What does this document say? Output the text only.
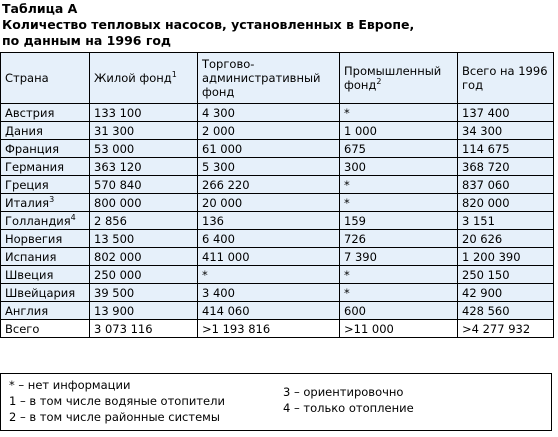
Таблица А
Количество тепловых насосов, установленных в Европе,
по данным на 1996 год
Страна	Жилой фонд$^1$	Торгово-административный фонд	Промышленный фонд$^2$	Всего на 1996 год
Австрия	133 100	4 300	*	137 400
Дания	31 300	2 000	1 000	34 300
Франция	53 000	61 000	675	114 675
Германия	363 120	5 300	300	368 720
Греция	570 840	266 220	*	837 060
Италия$^3$	800 000	20 000	*	820 000
Голландия$^4$	2 856	136	159	3 151
Норвегия	13 500	6 400	726	20 626
Испания	802 000	411 000	7 390	1 200 390
Швеция	250 000	*	*	250 150
Швейцария	39 500	3 400	*	42 900
Англия	13 900	414 060	600	428 560
Всего	3 073 116	>1 193 816	>11 000	>4 277 932
* – нет информации
1 – в том числе водяные отопители
2 – в том числе районные системы
3 – ориентировочно
4 – только отопление
